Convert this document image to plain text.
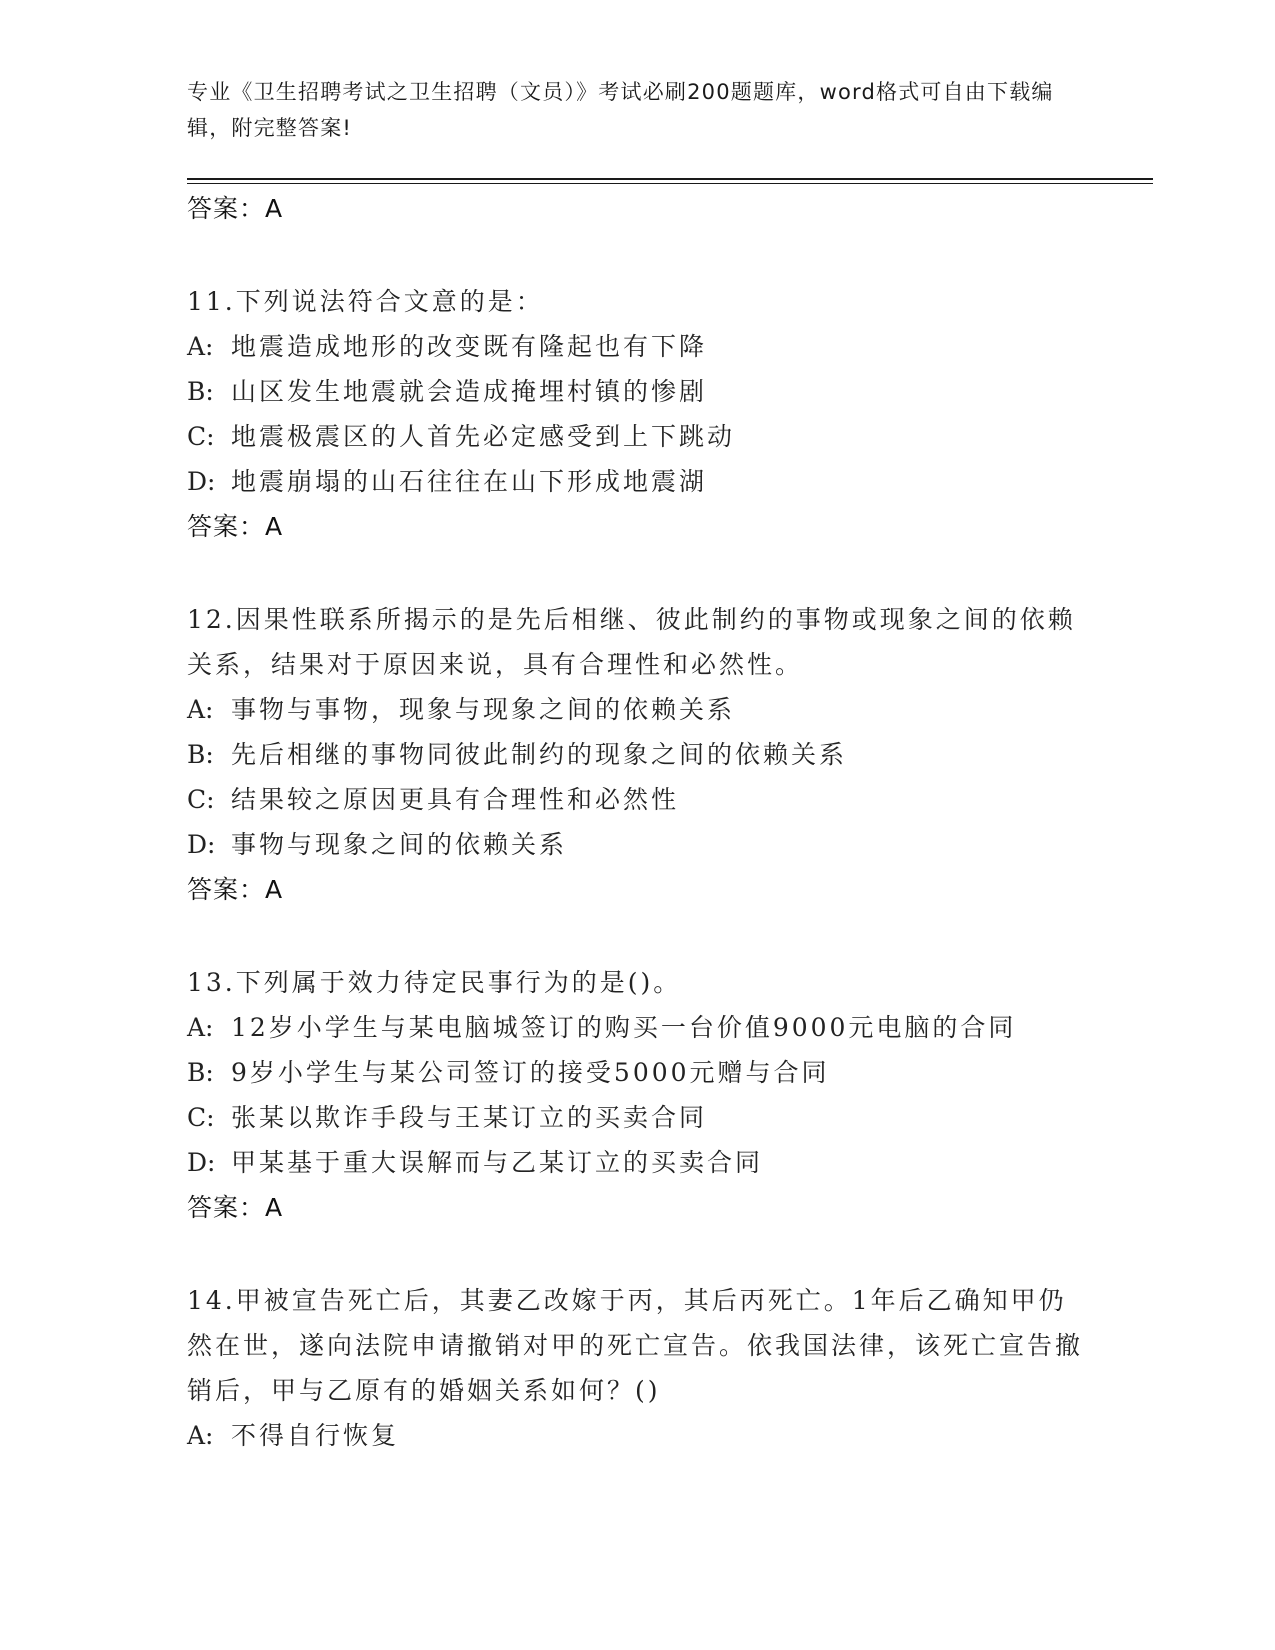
专业《卫生招聘考试之卫生招聘（文员）》考试必刷200题题库，word格式可自由下载编辑，附完整答案!
答案：A
11.下列说法符合文意的是：
A: 地震造成地形的改变既有隆起也有下降
B: 山区发生地震就会造成掩埋村镇的惨剧
C: 地震极震区的人首先必定感受到上下跳动
D: 地震崩塌的山石往往在山下形成地震湖
答案：A
12.因果性联系所揭示的是先后相继、彼此制约的事物或现象之间的依赖关系，结果对于原因来说，具有合理性和必然性。
A: 事物与事物，现象与现象之间的依赖关系
B: 先后相继的事物同彼此制约的现象之间的依赖关系
C: 结果较之原因更具有合理性和必然性
D: 事物与现象之间的依赖关系
答案：A
13.下列属于效力待定民事行为的是()。
A: 12岁小学生与某电脑城签订的购买一台价值9000元电脑的合同
B: 9岁小学生与某公司签订的接受5000元赠与合同
C: 张某以欺诈手段与王某订立的买卖合同
D: 甲某基于重大误解而与乙某订立的买卖合同
答案：A
14.甲被宣告死亡后，其妻乙改嫁于丙，其后丙死亡。1年后乙确知甲仍然在世，遂向法院申请撤销对甲的死亡宣告。依我国法律，该死亡宣告撤销后，甲与乙原有的婚姻关系如何？()
A: 不得自行恢复
